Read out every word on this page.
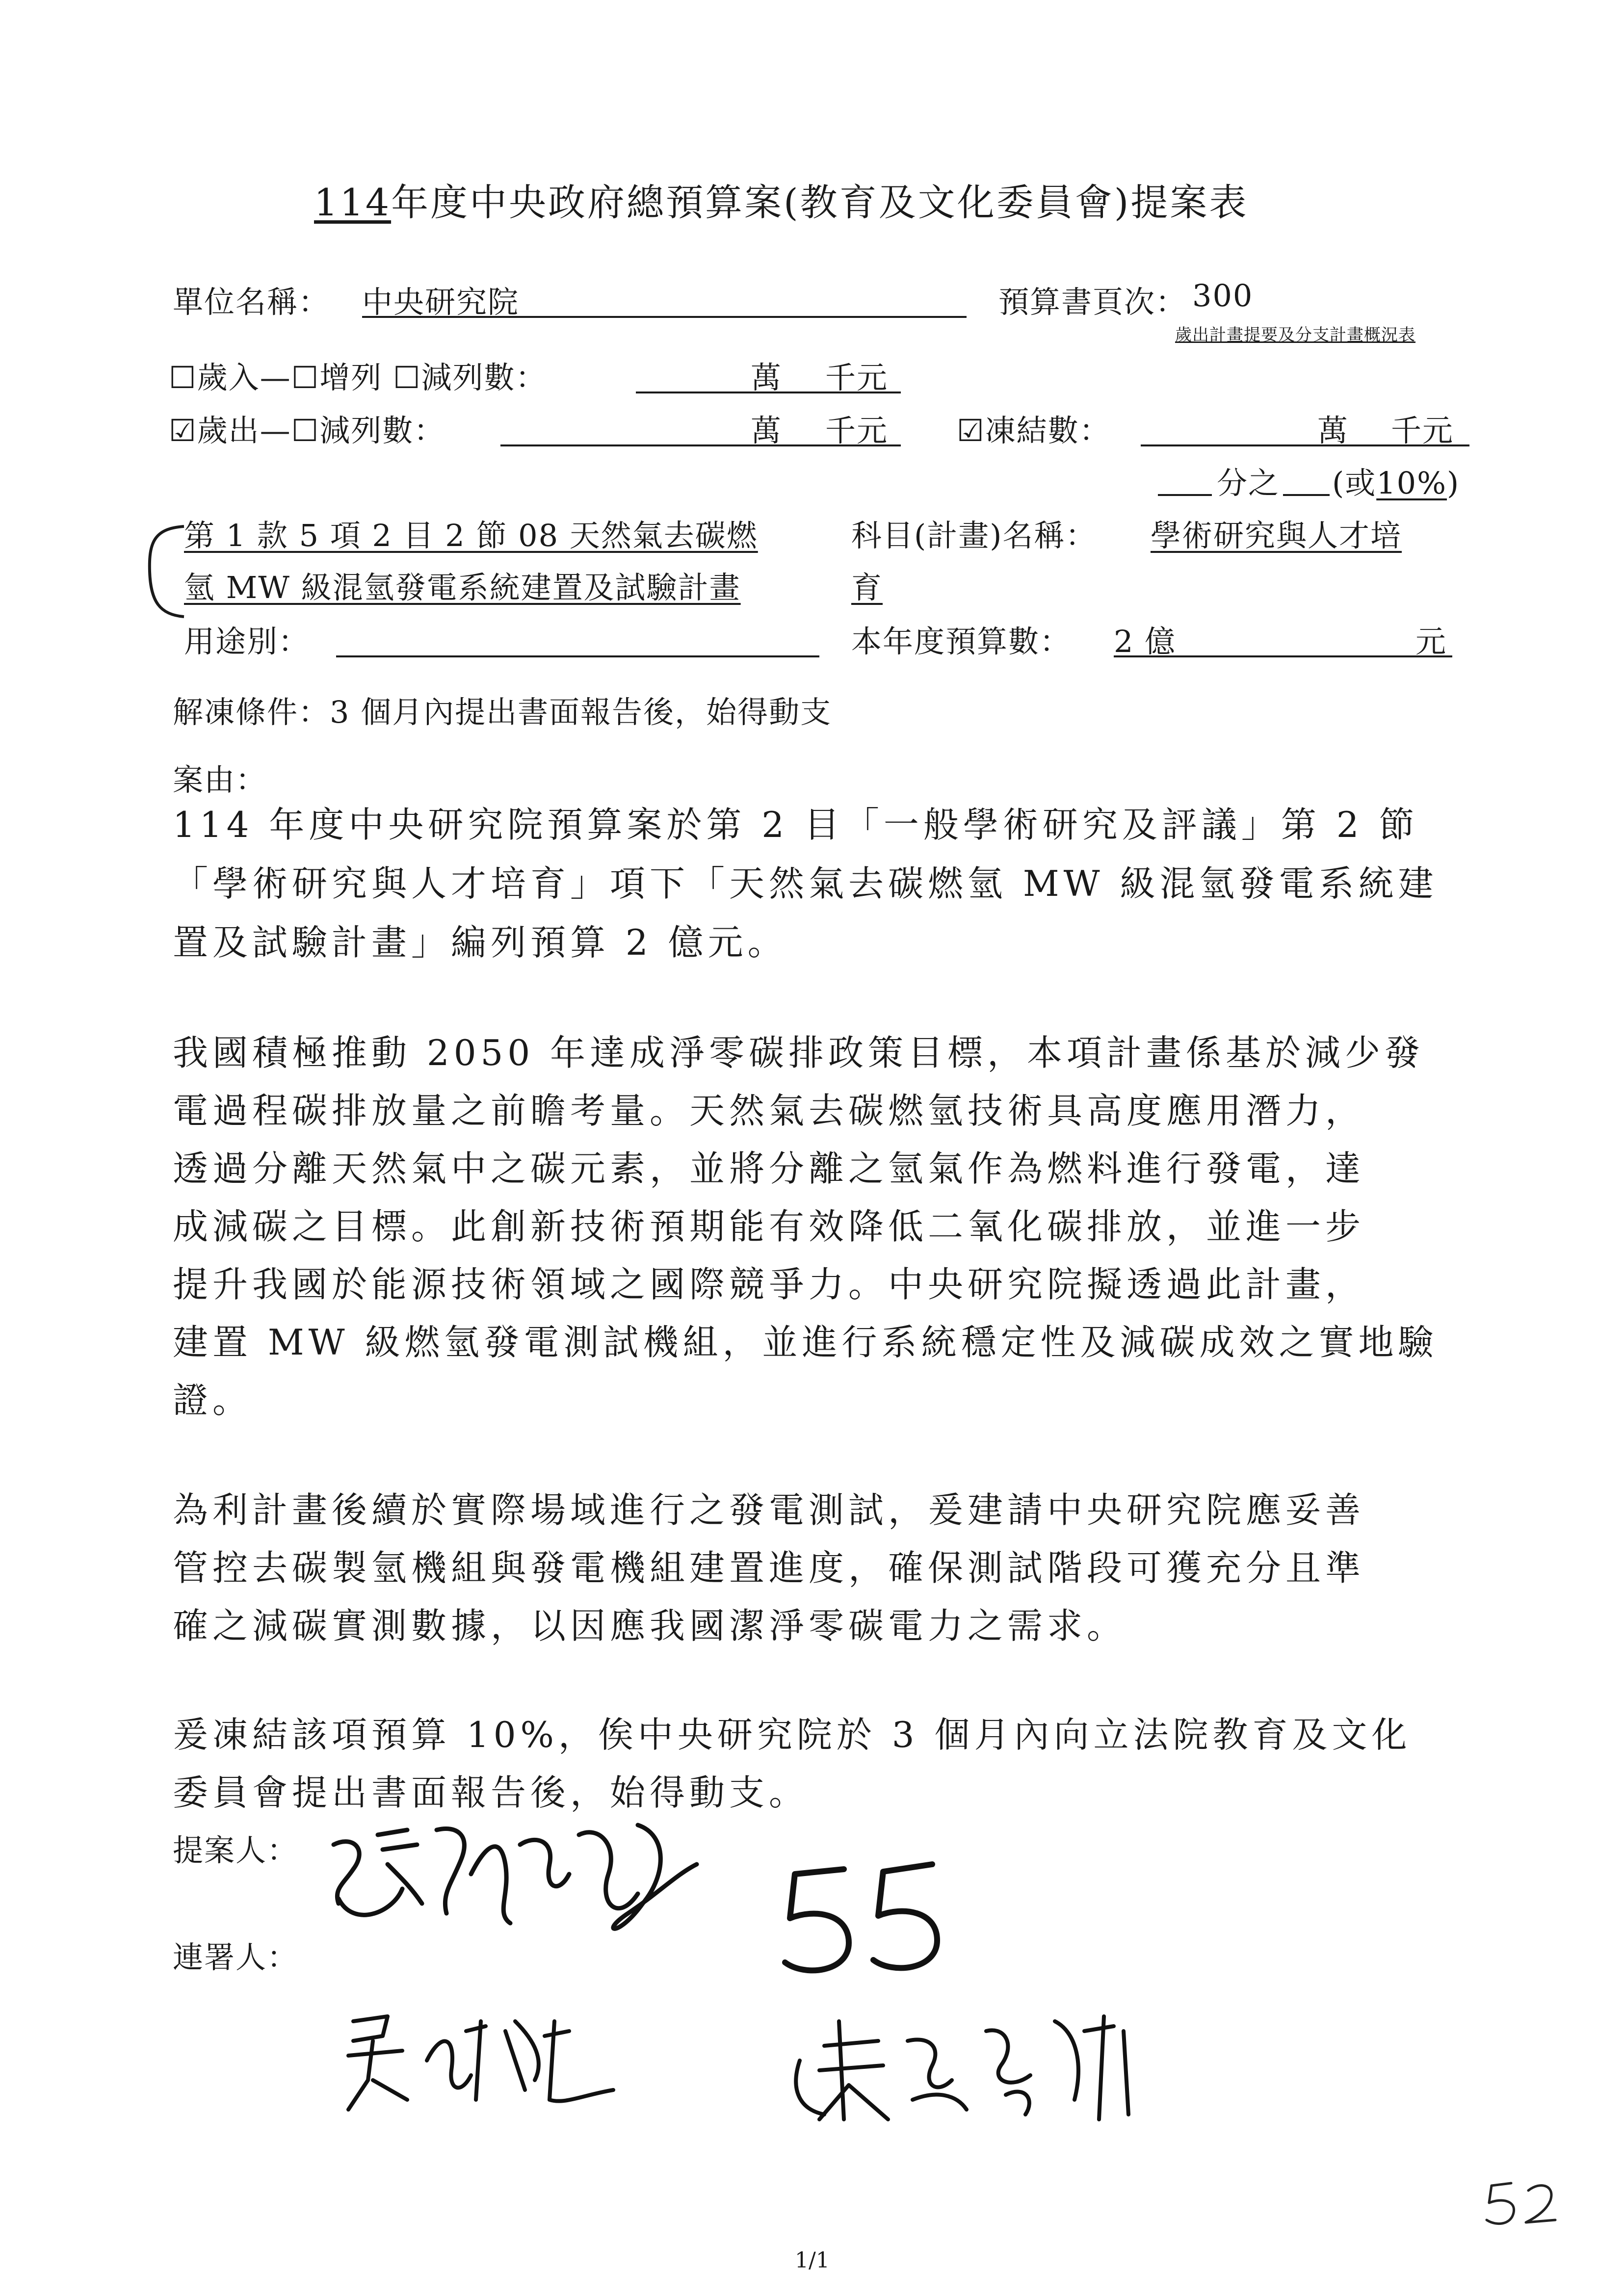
114年度中央政府總預算案(教育及文化委員會)提案表
單位名稱： 中央研究院	預算書頁次： 300
歲出計畫提要及分支計畫概況表
☐歲入—☐增列 ☐減列數：	萬 千元
☑歲出—☐減列數：	萬 千元 ☑凍結數：	萬 千元
分之 (或10%)
第 1 款 5 項 2 目 2 節 08 天然氣去碳燃
氫 MW 級混氫發電系統建置及試驗計畫
科目(計畫)名稱： 學術研究與人才培
育
用途別：	本年度預算數： 2 億	元
解凍條件：3 個月內提出書面報告後，始得動支
案由：
114 年度中央研究院預算案於第 2 目「一般學術研究及評議」第 2 節
「學術研究與人才培育」項下「天然氣去碳燃氫 MW 級混氫發電系統建
置及試驗計畫」編列預算 2 億元。
我國積極推動 2050 年達成淨零碳排政策目標，本項計畫係基於減少發
電過程碳排放量之前瞻考量。天然氣去碳燃氫技術具高度應用潛力，
透過分離天然氣中之碳元素，並將分離之氫氣作為燃料進行發電，達
成減碳之目標。此創新技術預期能有效降低二氧化碳排放，並進一步
提升我國於能源技術領域之國際競爭力。中央研究院擬透過此計畫，
建置 MW 級燃氫發電測試機組，並進行系統穩定性及減碳成效之實地驗
證。
為利計畫後續於實際場域進行之發電測試，爰建請中央研究院應妥善
管控去碳製氫機組與發電機組建置進度，確保測試階段可獲充分且準
確之減碳實測數據，以因應我國潔淨零碳電力之需求。
爰凍結該項預算 10%，俟中央研究院於 3 個月內向立法院教育及文化
委員會提出書面報告後，始得動支。
提案人：
連署人：
1/1
